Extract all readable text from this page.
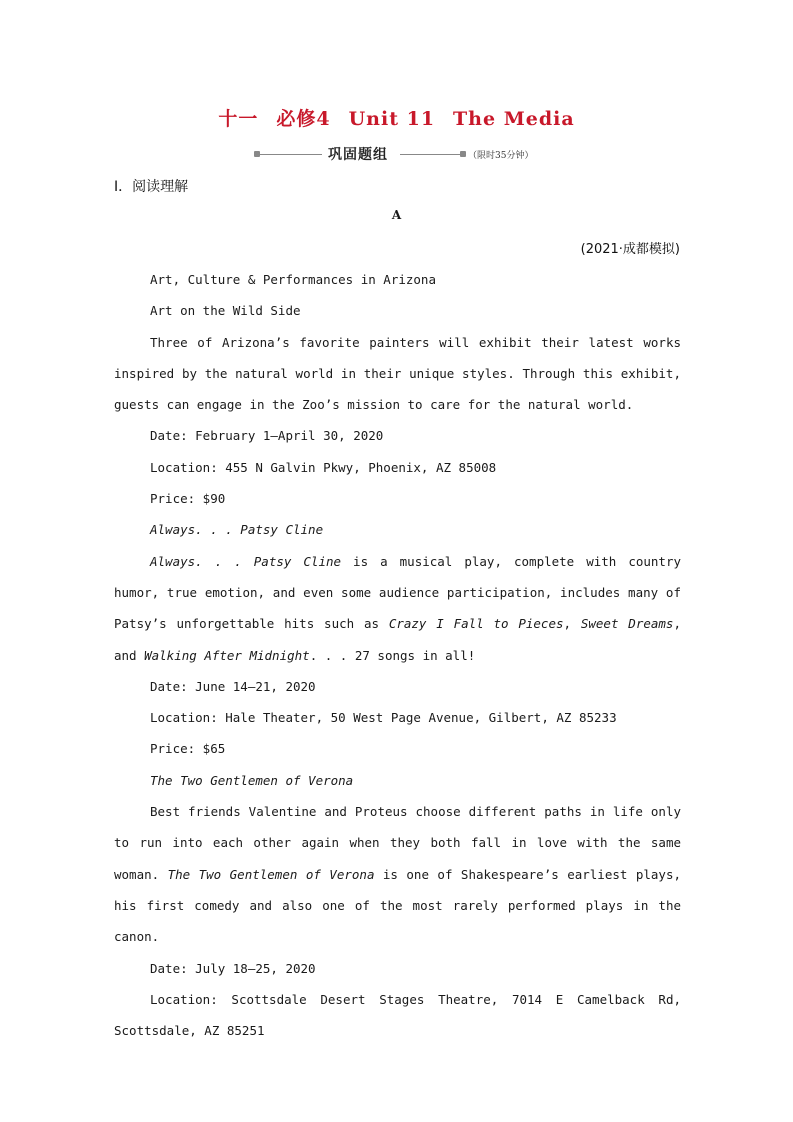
十一 必修4 Unit 11 The Media
巩固题组	（限时35分钟）
Ⅰ．阅读理解
A
(2021·成都模拟)

Art, Culture & Performances in Arizona

Art on the Wild Side

Three of Arizona’s favorite painters will exhibit their latest works inspired by the natural world in their unique styles. Through this exhibit, guests can engage in the Zoo’s mission to care for the natural world.

Date: February 1—April 30, 2020

Location: 455 N Galvin Pkwy, Phoenix, AZ 85008

Price: $90

Always. . . Patsy Cline

Always. . . Patsy Cline is a musical play, complete with country humor, true emotion, and even some audience participation, includes many of Patsy’s unforgettable hits such as Crazy I Fall to Pieces, Sweet Dreams, and Walking After Midnight. . . 27 songs in all!

Date: June 14—21, 2020

Location: Hale Theater, 50 West Page Avenue, Gilbert, AZ 85233

Price: $65

The Two Gentlemen of Verona

Best friends Valentine and Proteus choose different paths in life only to run into each other again when they both fall in love with the same woman. The Two Gentlemen of Verona is one of Shakespeare’s earliest plays, his first comedy and also one of the most rarely performed plays in the canon.

Date: July 18—25, 2020

Location: Scottsdale Desert Stages Theatre, 7014 E Camelback Rd, Scottsdale, AZ 85251
